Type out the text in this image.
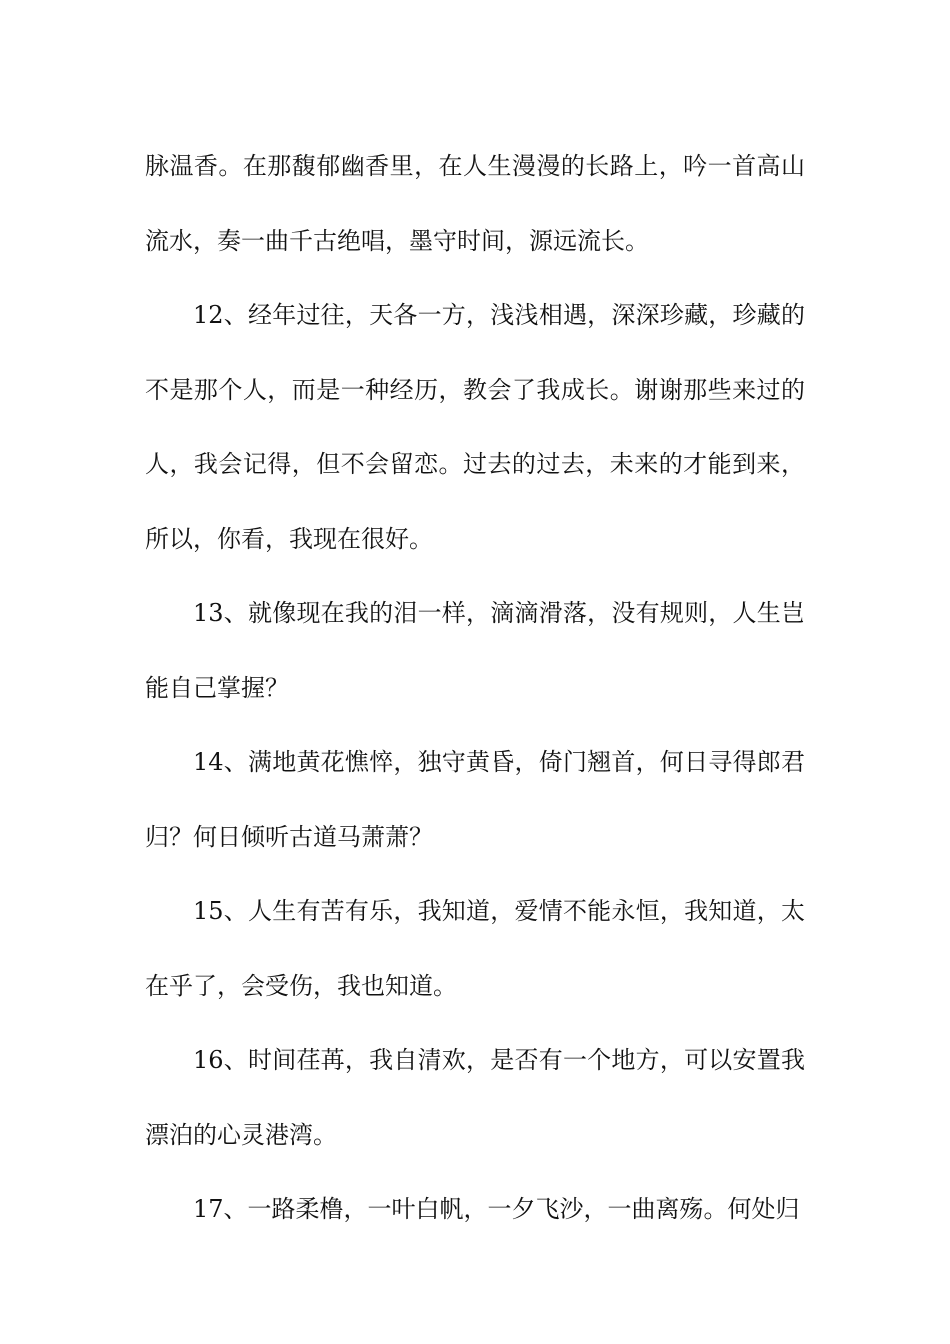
脉温香。在那馥郁幽香里，在人生漫漫的长路上，吟一首高山流水，奏一曲千古绝唱，墨守时间，源远流长。

12、经年过往，天各一方，浅浅相遇，深深珍藏，珍藏的不是那个人，而是一种经历，教会了我成长。谢谢那些来过的人，我会记得，但不会留恋。过去的过去，未来的才能到来，所以，你看，我现在很好。

13、就像现在我的泪一样，滴滴滑落，没有规则，人生岂能自己掌握？

14、满地黄花憔悴，独守黄昏，倚门翘首，何日寻得郎君归？何日倾听古道马萧萧？

15、人生有苦有乐，我知道，爱情不能永恒，我知道，太在乎了，会受伤，我也知道。

16、时间荏苒，我自清欢，是否有一个地方，可以安置我漂泊的心灵港湾。

17、一路柔橹，一叶白帆，一夕飞沙，一曲离殇。何处归
